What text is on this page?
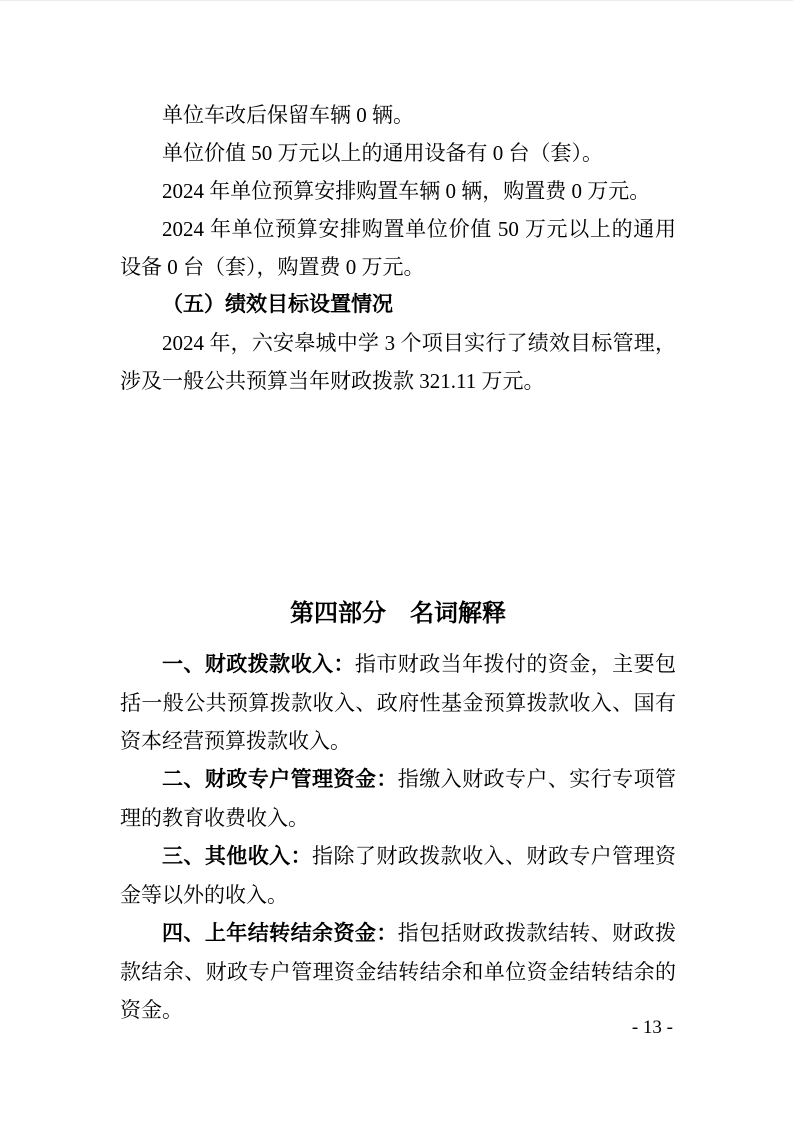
单位车改后保留车辆 0 辆。

单位价值 50 万元以上的通用设备有 0 台（套）。

2024 年单位预算安排购置车辆 0 辆，购置费 0 万元。

2024 年单位预算安排购置单位价值 50 万元以上的通用设备 0 台（套），购置费 0 万元。

（五）绩效目标设置情况

2024 年，六安皋城中学 3 个项目实行了绩效目标管理，涉及一般公共预算当年财政拨款 321.11 万元。

第四部分　名词解释

一、财政拨款收入：指市财政当年拨付的资金，主要包括一般公共预算拨款收入、政府性基金预算拨款收入、国有资本经营预算拨款收入。

二、财政专户管理资金：指缴入财政专户、实行专项管理的教育收费收入。

三、其他收入：指除了财政拨款收入、财政专户管理资金等以外的收入。

四、上年结转结余资金：指包括财政拨款结转、财政拨款结余、财政专户管理资金结转结余和单位资金结转结余的资金。

- 13 -
